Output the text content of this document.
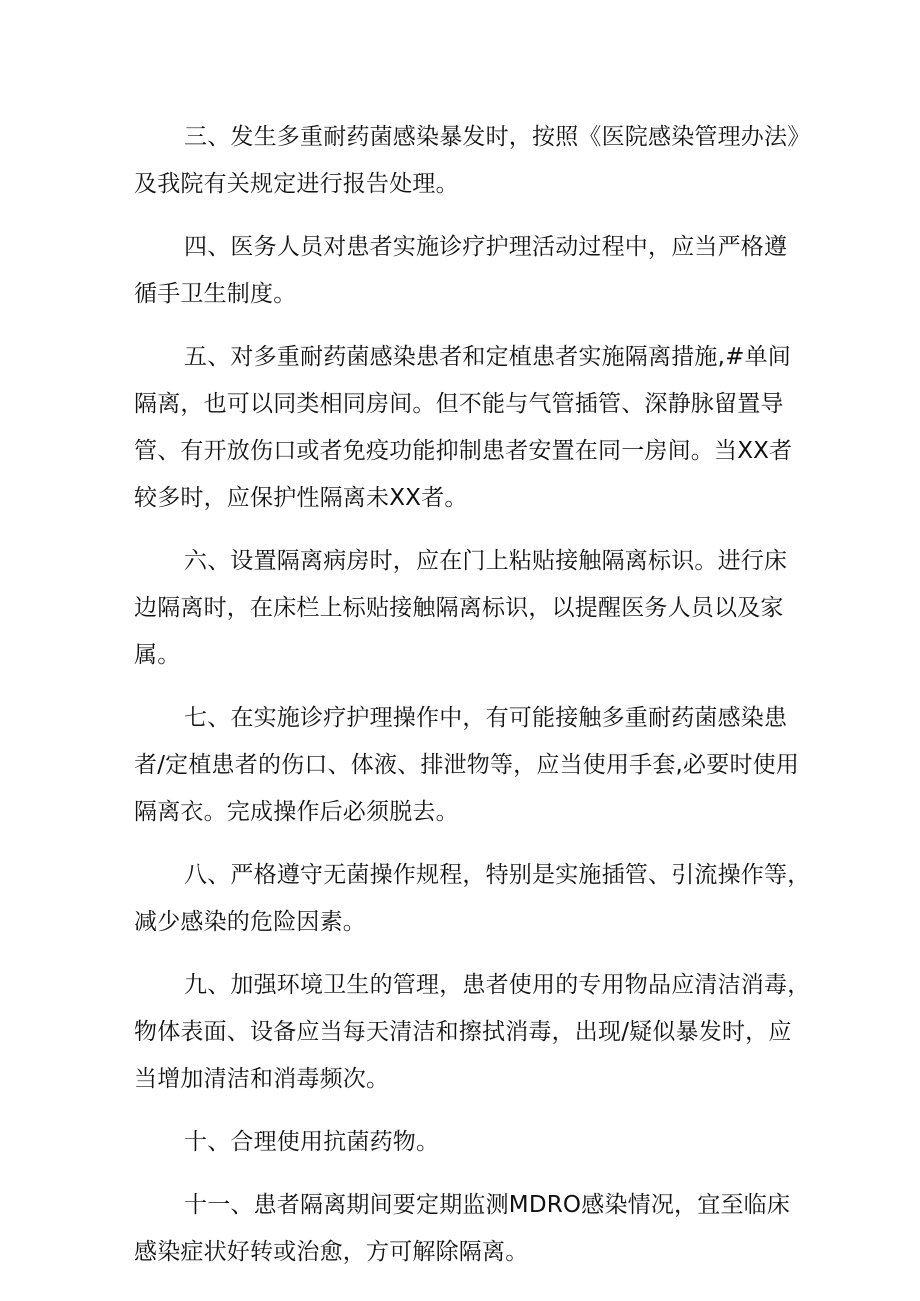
三、发生多重耐药菌感染暴发时，按照《医院感染管理办法》
及我院有关规定进行报告处理。

四、医务人员对患者实施诊疗护理活动过程中，应当严格遵
循手卫生制度。

五、对多重耐药菌感染患者和定植患者实施隔离措施,#单间
隔离，也可以同类相同房间。但不能与气管插管、深静脉留置导
管、有开放伤口或者免疫功能抑制患者安置在同一房间。当XX者
较多时，应保护性隔离未XX者。

六、设置隔离病房时，应在门上粘贴接触隔离标识。进行床
边隔离时，在床栏上标贴接触隔离标识，以提醒医务人员以及家
属。

七、在实施诊疗护理操作中，有可能接触多重耐药菌感染患
者/定植患者的伤口、体液、排泄物等，应当使用手套,必要时使用
隔离衣。完成操作后必须脱去。

八、严格遵守无菌操作规程，特别是实施插管、引流操作等，
减少感染的危险因素。

九、加强环境卫生的管理，患者使用的专用物品应清洁消毒，
物体表面、设备应当每天清洁和擦拭消毒，出现/疑似暴发时，应
当增加清洁和消毒频次。

十、合理使用抗菌药物。

十一、患者隔离期间要定期监测MDRO感染情况，宜至临床
感染症状好转或治愈，方可解除隔离。
